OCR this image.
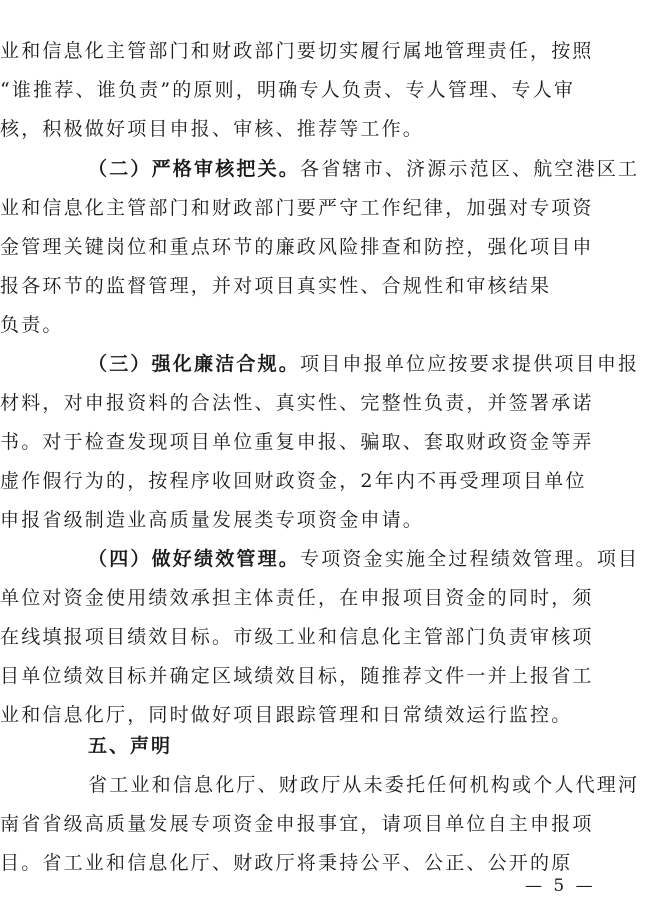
业和信息化主管部门和财政部门要切实履行属地管理责任，按照
“谁推荐、谁负责”的原则，明确专人负责、专人管理、专人审
核，积极做好项目申报、审核、推荐等工作。
（二）严格审核把关。各省辖市、济源示范区、航空港区工
业和信息化主管部门和财政部门要严守工作纪律，加强对专项资
金管理关键岗位和重点环节的廉政风险排查和防控，强化项目申
报各环节的监督管理，并对项目真实性、合规性和审核结果
负责。
（三）强化廉洁合规。项目申报单位应按要求提供项目申报
材料，对申报资料的合法性、真实性、完整性负责，并签署承诺
书。对于检查发现项目单位重复申报、骗取、套取财政资金等弄
虚作假行为的，按程序收回财政资金，2年内不再受理项目单位
申报省级制造业高质量发展类专项资金申请。
（四）做好绩效管理。专项资金实施全过程绩效管理。项目
单位对资金使用绩效承担主体责任，在申报项目资金的同时，须
在线填报项目绩效目标。市级工业和信息化主管部门负责审核项
目单位绩效目标并确定区域绩效目标，随推荐文件一并上报省工
业和信息化厅，同时做好项目跟踪管理和日常绩效运行监控。
五、声明
省工业和信息化厅、财政厅从未委托任何机构或个人代理河
南省省级高质量发展专项资金申报事宜，请项目单位自主申报项
目。省工业和信息化厅、财政厅将秉持公平、公正、公开的原
— 5 —
